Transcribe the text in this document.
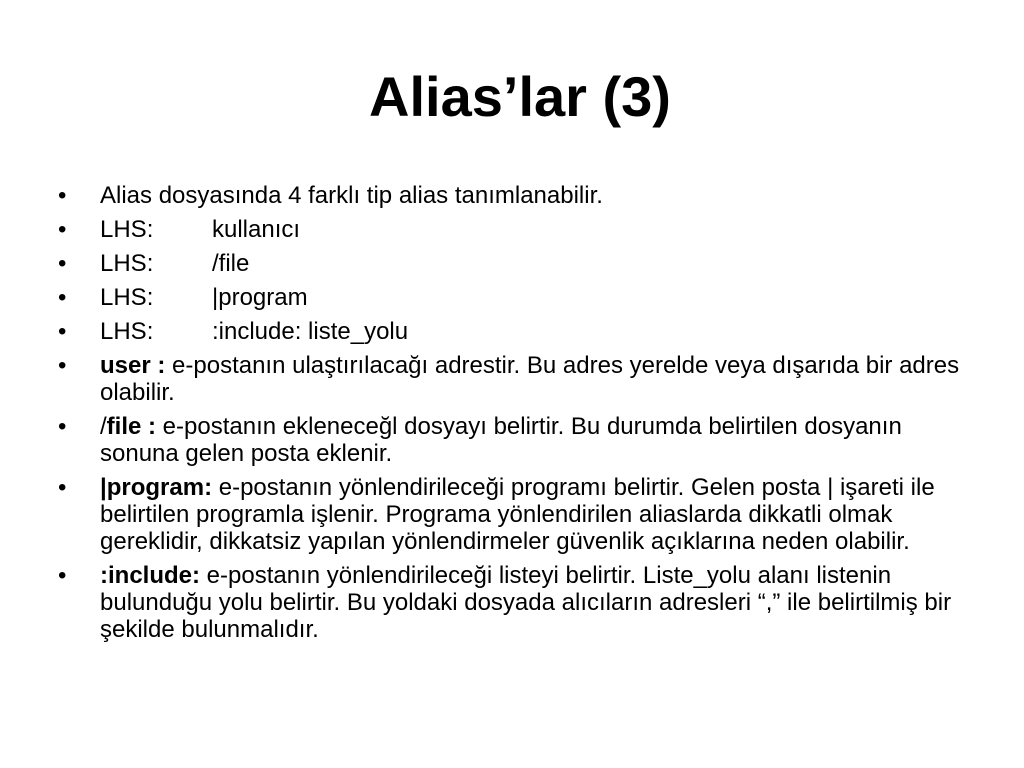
Alias’lar (3)
•	Alias dosyasında 4 farklı tip alias tanımlanabilir.
•	LHS: kullanıcı
•	LHS: /file
•	LHS: |program
•	LHS: :include: liste_yolu
•	user : e-postanın ulaştırılacağı adrestir. Bu adres yerelde veya dışarıda bir adres olabilir.
•	/file : e-postanın ekleneceğl dosyayı belirtir. Bu durumda belirtilen dosyanın sonuna gelen posta eklenir.
•	|program: e-postanın yönlendirileceği programı belirtir. Gelen posta | işareti ile belirtilen programla işlenir. Programa yönlendirilen aliaslarda dikkatli olmak gereklidir, dikkatsiz yapılan yönlendirmeler güvenlik açıklarına neden olabilir.
•	:include: e-postanın yönlendirileceği listeyi belirtir. Liste_yolu alanı listenin bulunduğu yolu belirtir. Bu yoldaki dosyada alıcıların adresleri “,” ile belirtilmiş bir şekilde bulunmalıdır.
